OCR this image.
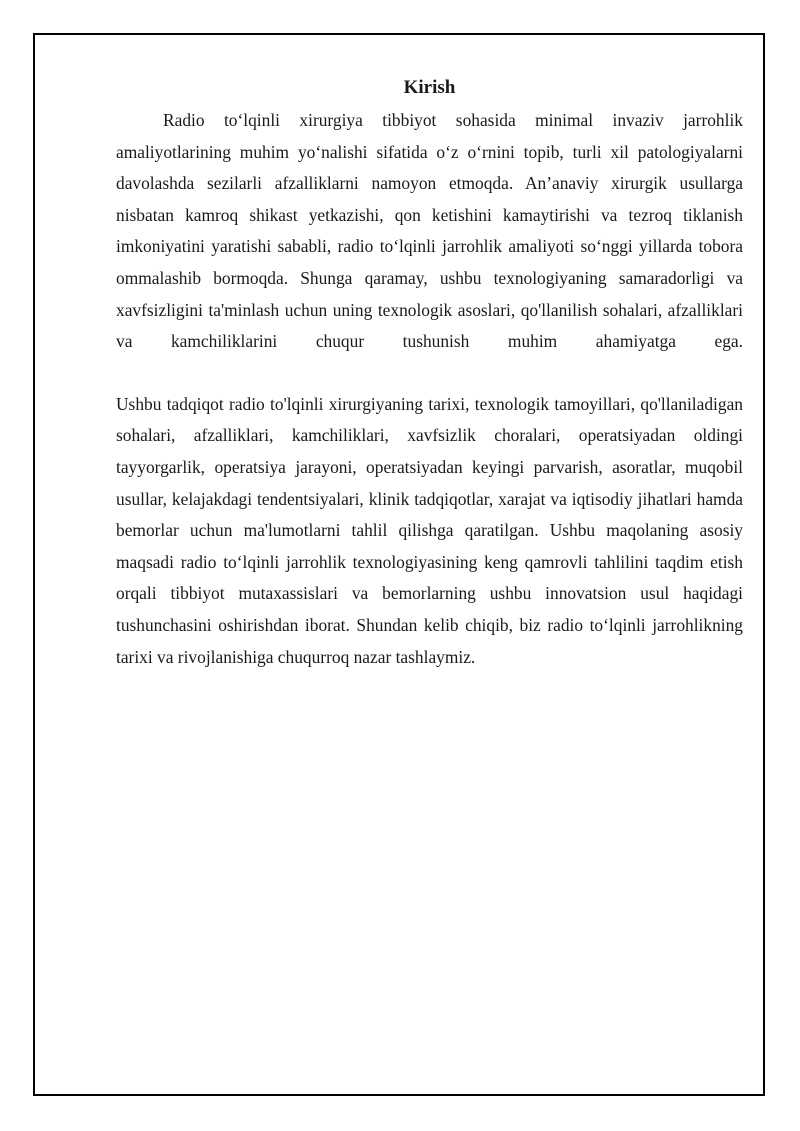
Kirish

Radio to‘lqinli xirurgiya tibbiyot sohasida minimal invaziv jarrohlik amaliyotlarining muhim yo‘nalishi sifatida o‘z o‘rnini topib, turli xil patologiyalarni davolashda sezilarli afzalliklarni namoyon etmoqda. An’anaviy xirurgik usullarga nisbatan kamroq shikast yetkazishi, qon ketishini kamaytirishi va tezroq tiklanish imkoniyatini yaratishi sababli, radio to‘lqinli jarrohlik amaliyoti so‘nggi yillarda tobora ommalashib bormoqda. Shunga qaramay, ushbu texnologiyaning samaradorligi va xavfsizligini ta'minlash uchun uning texnologik asoslari, qo'llanilish sohalari, afzalliklari va kamchiliklarini chuqur tushunish muhim ahamiyatga ega.

Ushbu tadqiqot radio to'lqinli xirurgiyaning tarixi, texnologik tamoyillari, qo'llaniladigan sohalari, afzalliklari, kamchiliklari, xavfsizlik choralari, operatsiyadan oldingi tayyorgarlik, operatsiya jarayoni, operatsiyadan keyingi parvarish, asoratlar, muqobil usullar, kelajakdagi tendentsiyalari, klinik tadqiqotlar, xarajat va iqtisodiy jihatlari hamda bemorlar uchun ma'lumotlarni tahlil qilishga qaratilgan. Ushbu maqolaning asosiy maqsadi radio to‘lqinli jarrohlik texnologiyasining keng qamrovli tahlilini taqdim etish orqali tibbiyot mutaxassislari va bemorlarning ushbu innovatsion usul haqidagi tushunchasini oshirishdan iborat. Shundan kelib chiqib, biz radio to‘lqinli jarrohlikning tarixi va rivojlanishiga chuqurroq nazar tashlaymiz.
